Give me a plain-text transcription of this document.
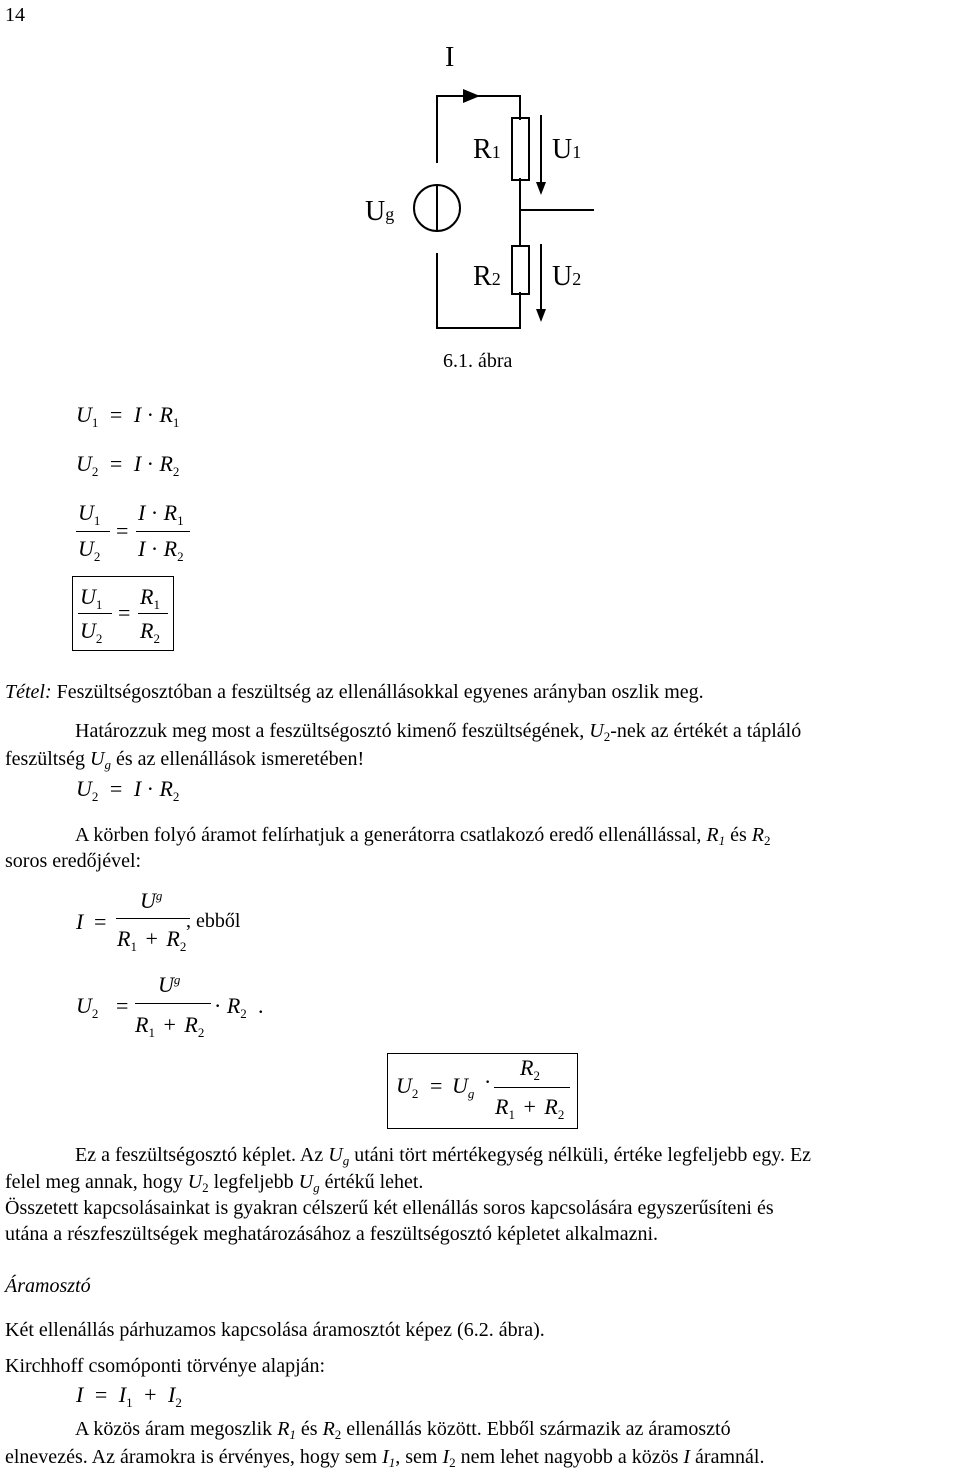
14
I
R1 U1
Ug
R2 U2
6.1. ábra
$U_1 = I \cdot R_1$
$U_2 = I \cdot R_2$
$U_1$
$U_2$
=
$I \cdot R_1$
$I \cdot R_2$
$U_1$
$U_2$
=
$R_1$
$R_2$
Tétel: Feszültségosztóban a feszültség az ellenállásokkal egyenes arányban oszlik meg.
Határozzuk meg most a feszültségosztó kimenő feszültségének, $U_2$-nek az értékét a tápláló
feszültség $U_g$ és az ellenállások ismeretében!
$U_2 = I \cdot R_2$
A körben folyó áramot felírhatjuk a generátorra csatlakozó eredő ellenállással, $R_1$ és $R_2$
soros eredőjével:
I =
$U^g$
$R_1 + R_2$
, ebből
$U_2$ =
$U^g$
$R_1 + R_2$
· $R_2$ .
$U_2 = U_g$ ·
$R_2$
$R_1 + R_2$
Ez a feszültségosztó képlet. Az $U_g$ utáni tört mértékegység nélküli, értéke legfeljebb egy. Ez
felel meg annak, hogy $U_2$ legfeljebb $U_g$ értékű lehet.
Összetett kapcsolásainkat is gyakran célszerű két ellenállás soros kapcsolására egyszerűsíteni és
utána a részfeszültségek meghatározásához a feszültségosztó képletet alkalmazni.
Áramosztó
Két ellenállás párhuzamos kapcsolása áramosztót képez (6.2. ábra).
Kirchhoff csomóponti törvénye alapján:
$I = I_1 + I_2$
A közös áram megoszlik $R_1$ és $R_2$ ellenállás között. Ebből származik az áramosztó
elnevezés. Az áramokra is érvényes, hogy sem $I_1$, sem $I_2$ nem lehet nagyobb a közös I áramnál.
